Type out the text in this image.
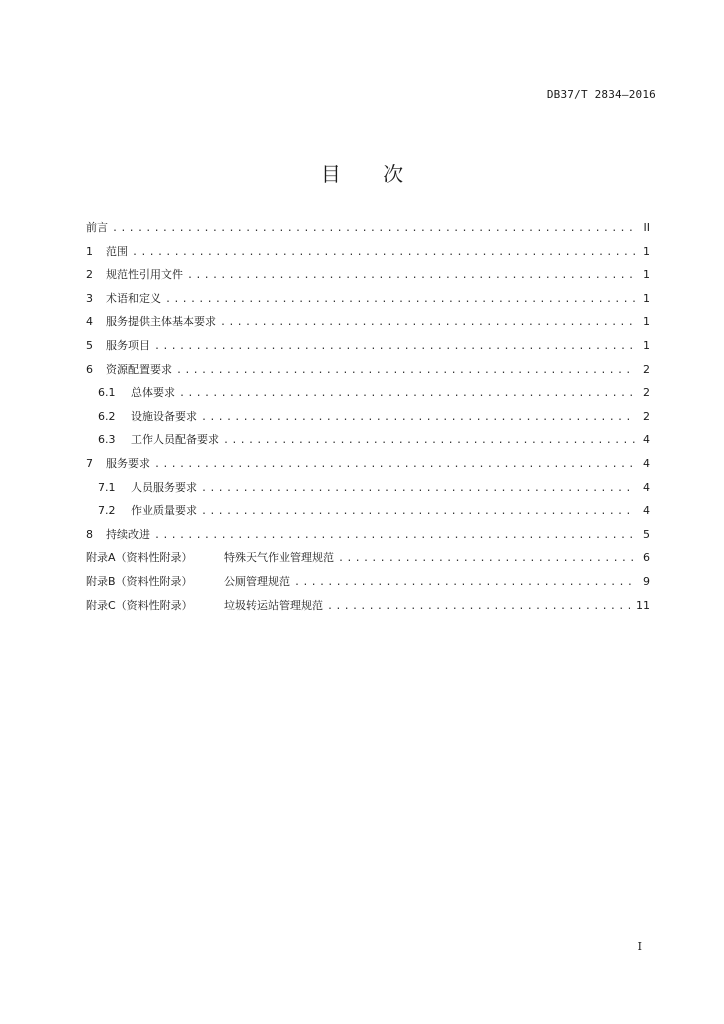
DB37/T 2834—2016
目 次
前言 .....	II
1	范围 .....	1
2	规范性引用文件 .....	1
3	术语和定义 .....	1
4	服务提供主体基本要求 .....	1
5	服务项目 .....	1
6	资源配置要求 .....	2
6.1	总体要求 .....	2
6.2	设施设备要求 .....	2
6.3	工作人员配备要求 .....	4
7	服务要求 .....	4
7.1	人员服务要求 .....	4
7.2	作业质量要求 .....	4
8	持续改进 .....	5
附录A（资料性附录）	特殊天气作业管理规范 .....	6
附录B（资料性附录）	公厕管理规范 .....	9
附录C（资料性附录）	垃圾转运站管理规范 .....	11
I
